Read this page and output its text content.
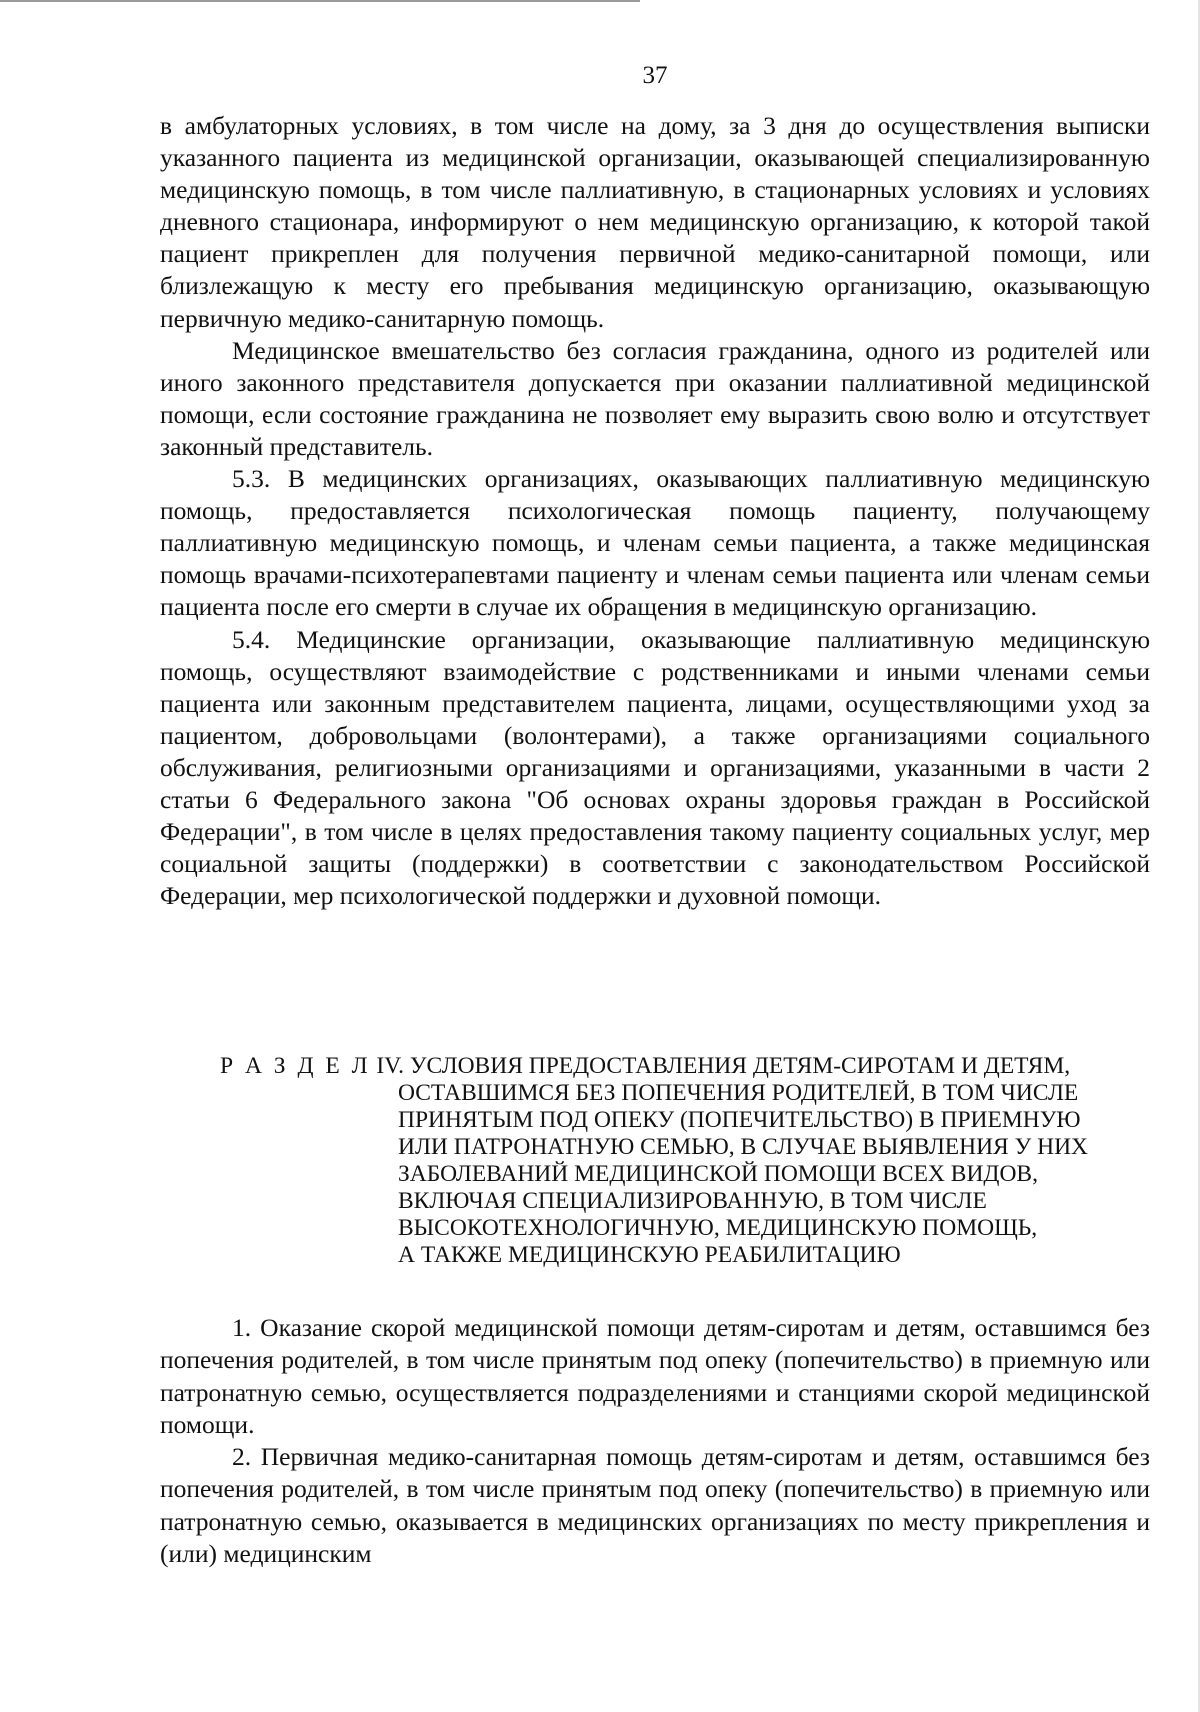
37

в амбулаторных условиях, в том числе на дому, за 3 дня до осуществления выписки указанного пациента из медицинской организации, оказывающей специализированную медицинскую помощь, в том числе паллиативную, в стационарных условиях и условиях дневного стационара, информируют о нем медицинскую организацию, к которой такой пациент прикреплен для получения первичной медико-санитарной помощи, или близлежащую к месту его пребывания медицинскую организацию, оказывающую первичную медико-санитарную помощь.

Медицинское вмешательство без согласия гражданина, одного из родителей или иного законного представителя допускается при оказании паллиативной медицинской помощи, если состояние гражданина не позволяет ему выразить свою волю и отсутствует законный представитель.

5.3. В медицинских организациях, оказывающих паллиативную медицинскую помощь, предоставляется психологическая помощь пациенту, получающему паллиативную медицинскую помощь, и членам семьи пациента, а также медицинская помощь врачами-психотерапевтами пациенту и членам семьи пациента или членам семьи пациента после его смерти в случае их обращения в медицинскую организацию.

5.4. Медицинские организации, оказывающие паллиативную медицинскую помощь, осуществляют взаимодействие с родственниками и иными членами семьи пациента или законным представителем пациента, лицами, осуществляющими уход за пациентом, добровольцами (волонтерами), а также организациями социального обслуживания, религиозными организациями и организациями, указанными в части 2 статьи 6 Федерального закона "Об основах охраны здоровья граждан в Российской Федерации", в том числе в целях предоставления такому пациенту социальных услуг, мер социальной защиты (поддержки) в соответствии с законодательством Российской Федерации, мер психологической поддержки и духовной помощи.

Р А З Д Е Л IV. УСЛОВИЯ ПРЕДОСТАВЛЕНИЯ ДЕТЯМ-СИРОТАМ И ДЕТЯМ,
ОСТАВШИМСЯ БЕЗ ПОПЕЧЕНИЯ РОДИТЕЛЕЙ, В ТОМ ЧИСЛЕ
ПРИНЯТЫМ ПОД ОПЕКУ (ПОПЕЧИТЕЛЬСТВО) В ПРИЕМНУЮ
ИЛИ ПАТРОНАТНУЮ СЕМЬЮ, В СЛУЧАЕ ВЫЯВЛЕНИЯ У НИХ
ЗАБОЛЕВАНИЙ МЕДИЦИНСКОЙ ПОМОЩИ ВСЕХ ВИДОВ,
ВКЛЮЧАЯ СПЕЦИАЛИЗИРОВАННУЮ, В ТОМ ЧИСЛЕ
ВЫСОКОТЕХНОЛОГИЧНУЮ, МЕДИЦИНСКУЮ ПОМОЩЬ,
А ТАКЖЕ МЕДИЦИНСКУЮ РЕАБИЛИТАЦИЮ

1. Оказание скорой медицинской помощи детям-сиротам и детям, оставшимся без попечения родителей, в том числе принятым под опеку (попечительство) в приемную или патронатную семью, осуществляется подразделениями и станциями скорой медицинской помощи.

2. Первичная медико-санитарная помощь детям-сиротам и детям, оставшимся без попечения родителей, в том числе принятым под опеку (попечительство) в приемную или патронатную семью, оказывается в медицинских организациях по месту прикрепления и (или) медицинским
